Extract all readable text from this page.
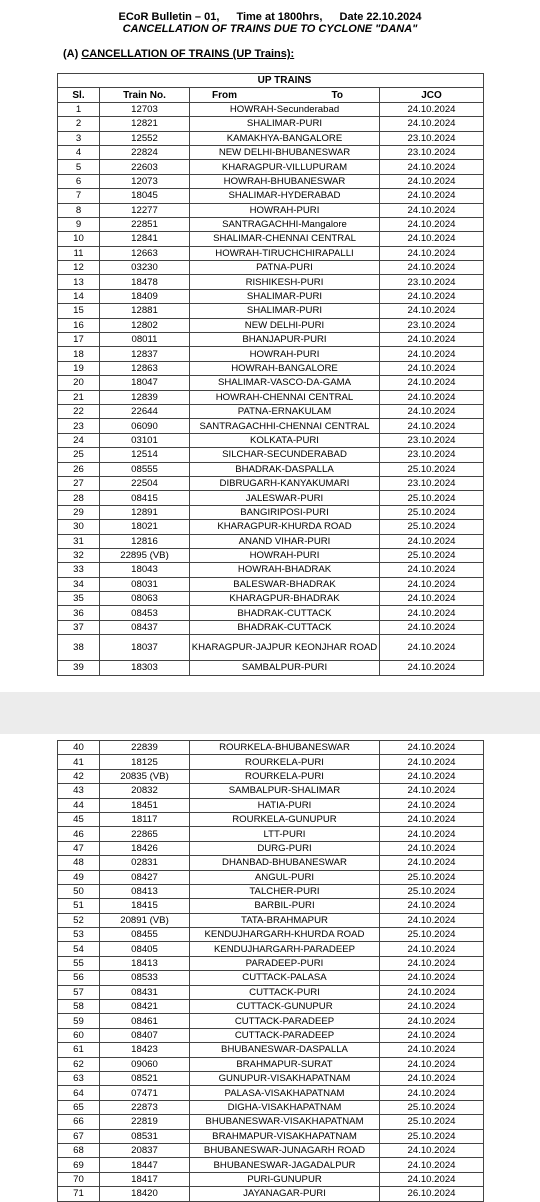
ECoR Bulletin – 01, Time at 1800hrs, Date 22.10.2024
CANCELLATION OF TRAINS DUE TO CYCLONE "DANA"
(A) CANCELLATION OF TRAINS (UP Trains):
		UP TRAINS	
Sl.	Train No.	From To	JCO
1	12703	HOWRAH-Secunderabad	24.10.2024
2	12821	SHALIMAR-PURI	24.10.2024
3	12552	KAMAKHYA-BANGALORE	23.10.2024
4	22824	NEW DELHI-BHUBANESWAR	23.10.2024
5	22603	KHARAGPUR-VILLUPURAM	24.10.2024
6	12073	HOWRAH-BHUBANESWAR	24.10.2024
7	18045	SHALIMAR-HYDERABAD	24.10.2024
8	12277	HOWRAH-PURI	24.10.2024
9	22851	SANTRAGACHHI-Mangalore	24.10.2024
10	12841	SHALIMAR-CHENNAI CENTRAL	24.10.2024
11	12663	HOWRAH-TIRUCHCHIRAPALLI	24.10.2024
12	03230	PATNA-PURI	24.10.2024
13	18478	RISHIKESH-PURI	23.10.2024
14	18409	SHALIMAR-PURI	24.10.2024
15	12881	SHALIMAR-PURI	24.10.2024
16	12802	NEW DELHI-PURI	23.10.2024
17	08011	BHANJAPUR-PURI	24.10.2024
18	12837	HOWRAH-PURI	24.10.2024
19	12863	HOWRAH-BANGALORE	24.10.2024
20	18047	SHALIMAR-VASCO-DA-GAMA	24.10.2024
21	12839	HOWRAH-CHENNAI CENTRAL	24.10.2024
22	22644	PATNA-ERNAKULAM	24.10.2024
23	06090	SANTRAGACHHI-CHENNAI CENTRAL	24.10.2024
24	03101	KOLKATA-PURI	23.10.2024
25	12514	SILCHAR-SECUNDERABAD	23.10.2024
26	08555	BHADRAK-DASPALLA	25.10.2024
27	22504	DIBRUGARH-KANYAKUMARI	23.10.2024
28	08415	JALESWAR-PURI	25.10.2024
29	12891	BANGIRIPOSI-PURI	25.10.2024
30	18021	KHARAGPUR-KHURDA ROAD	25.10.2024
31	12816	ANAND VIHAR-PURI	24.10.2024
32	22895 (VB)	HOWRAH-PURI	25.10.2024
33	18043	HOWRAH-BHADRAK	24.10.2024
34	08031	BALESWAR-BHADRAK	24.10.2024
35	08063	KHARAGPUR-BHADRAK	24.10.2024
36	08453	BHADRAK-CUTTACK	24.10.2024
37	08437	BHADRAK-CUTTACK	24.10.2024
38	18037	KHARAGPUR-JAJPUR KEONJHAR ROAD	24.10.2024
39	18303	SAMBALPUR-PURI	24.10.2024
40	22839	ROURKELA-BHUBANESWAR	24.10.2024
41	18125	ROURKELA-PURI	24.10.2024
42	20835 (VB)	ROURKELA-PURI	24.10.2024
43	20832	SAMBALPUR-SHALIMAR	24.10.2024
44	18451	HATIA-PURI	24.10.2024
45	18117	ROURKELA-GUNUPUR	24.10.2024
46	22865	LTT-PURI	24.10.2024
47	18426	DURG-PURI	24.10.2024
48	02831	DHANBAD-BHUBANESWAR	24.10.2024
49	08427	ANGUL-PURI	25.10.2024
50	08413	TALCHER-PURI	25.10.2024
51	18415	BARBIL-PURI	24.10.2024
52	20891 (VB)	TATA-BRAHMAPUR	24.10.2024
53	08455	KENDUJHARGARH-KHURDA ROAD	25.10.2024
54	08405	KENDUJHARGARH-PARADEEP	24.10.2024
55	18413	PARADEEP-PURI	24.10.2024
56	08533	CUTTACK-PALASA	24.10.2024
57	08431	CUTTACK-PURI	24.10.2024
58	08421	CUTTACK-GUNUPUR	24.10.2024
59	08461	CUTTACK-PARADEEP	24.10.2024
60	08407	CUTTACK-PARADEEP	24.10.2024
61	18423	BHUBANESWAR-DASPALLA	24.10.2024
62	09060	BRAHMAPUR-SURAT	24.10.2024
63	08521	GUNUPUR-VISAKHAPATNAM	24.10.2024
64	07471	PALASA-VISAKHAPATNAM	24.10.2024
65	22873	DIGHA-VISAKHAPATNAM	25.10.2024
66	22819	BHUBANESWAR-VISAKHAPATNAM	25.10.2024
67	08531	BRAHMAPUR-VISAKHAPATNAM	25.10.2024
68	20837	BHUBANESWAR-JUNAGARH ROAD	24.10.2024
69	18447	BHUBANESWAR-JAGADALPUR	24.10.2024
70	18417	PURI-GUNUPUR	24.10.2024
71	18420	JAYANAGAR-PURI	26.10.2024
